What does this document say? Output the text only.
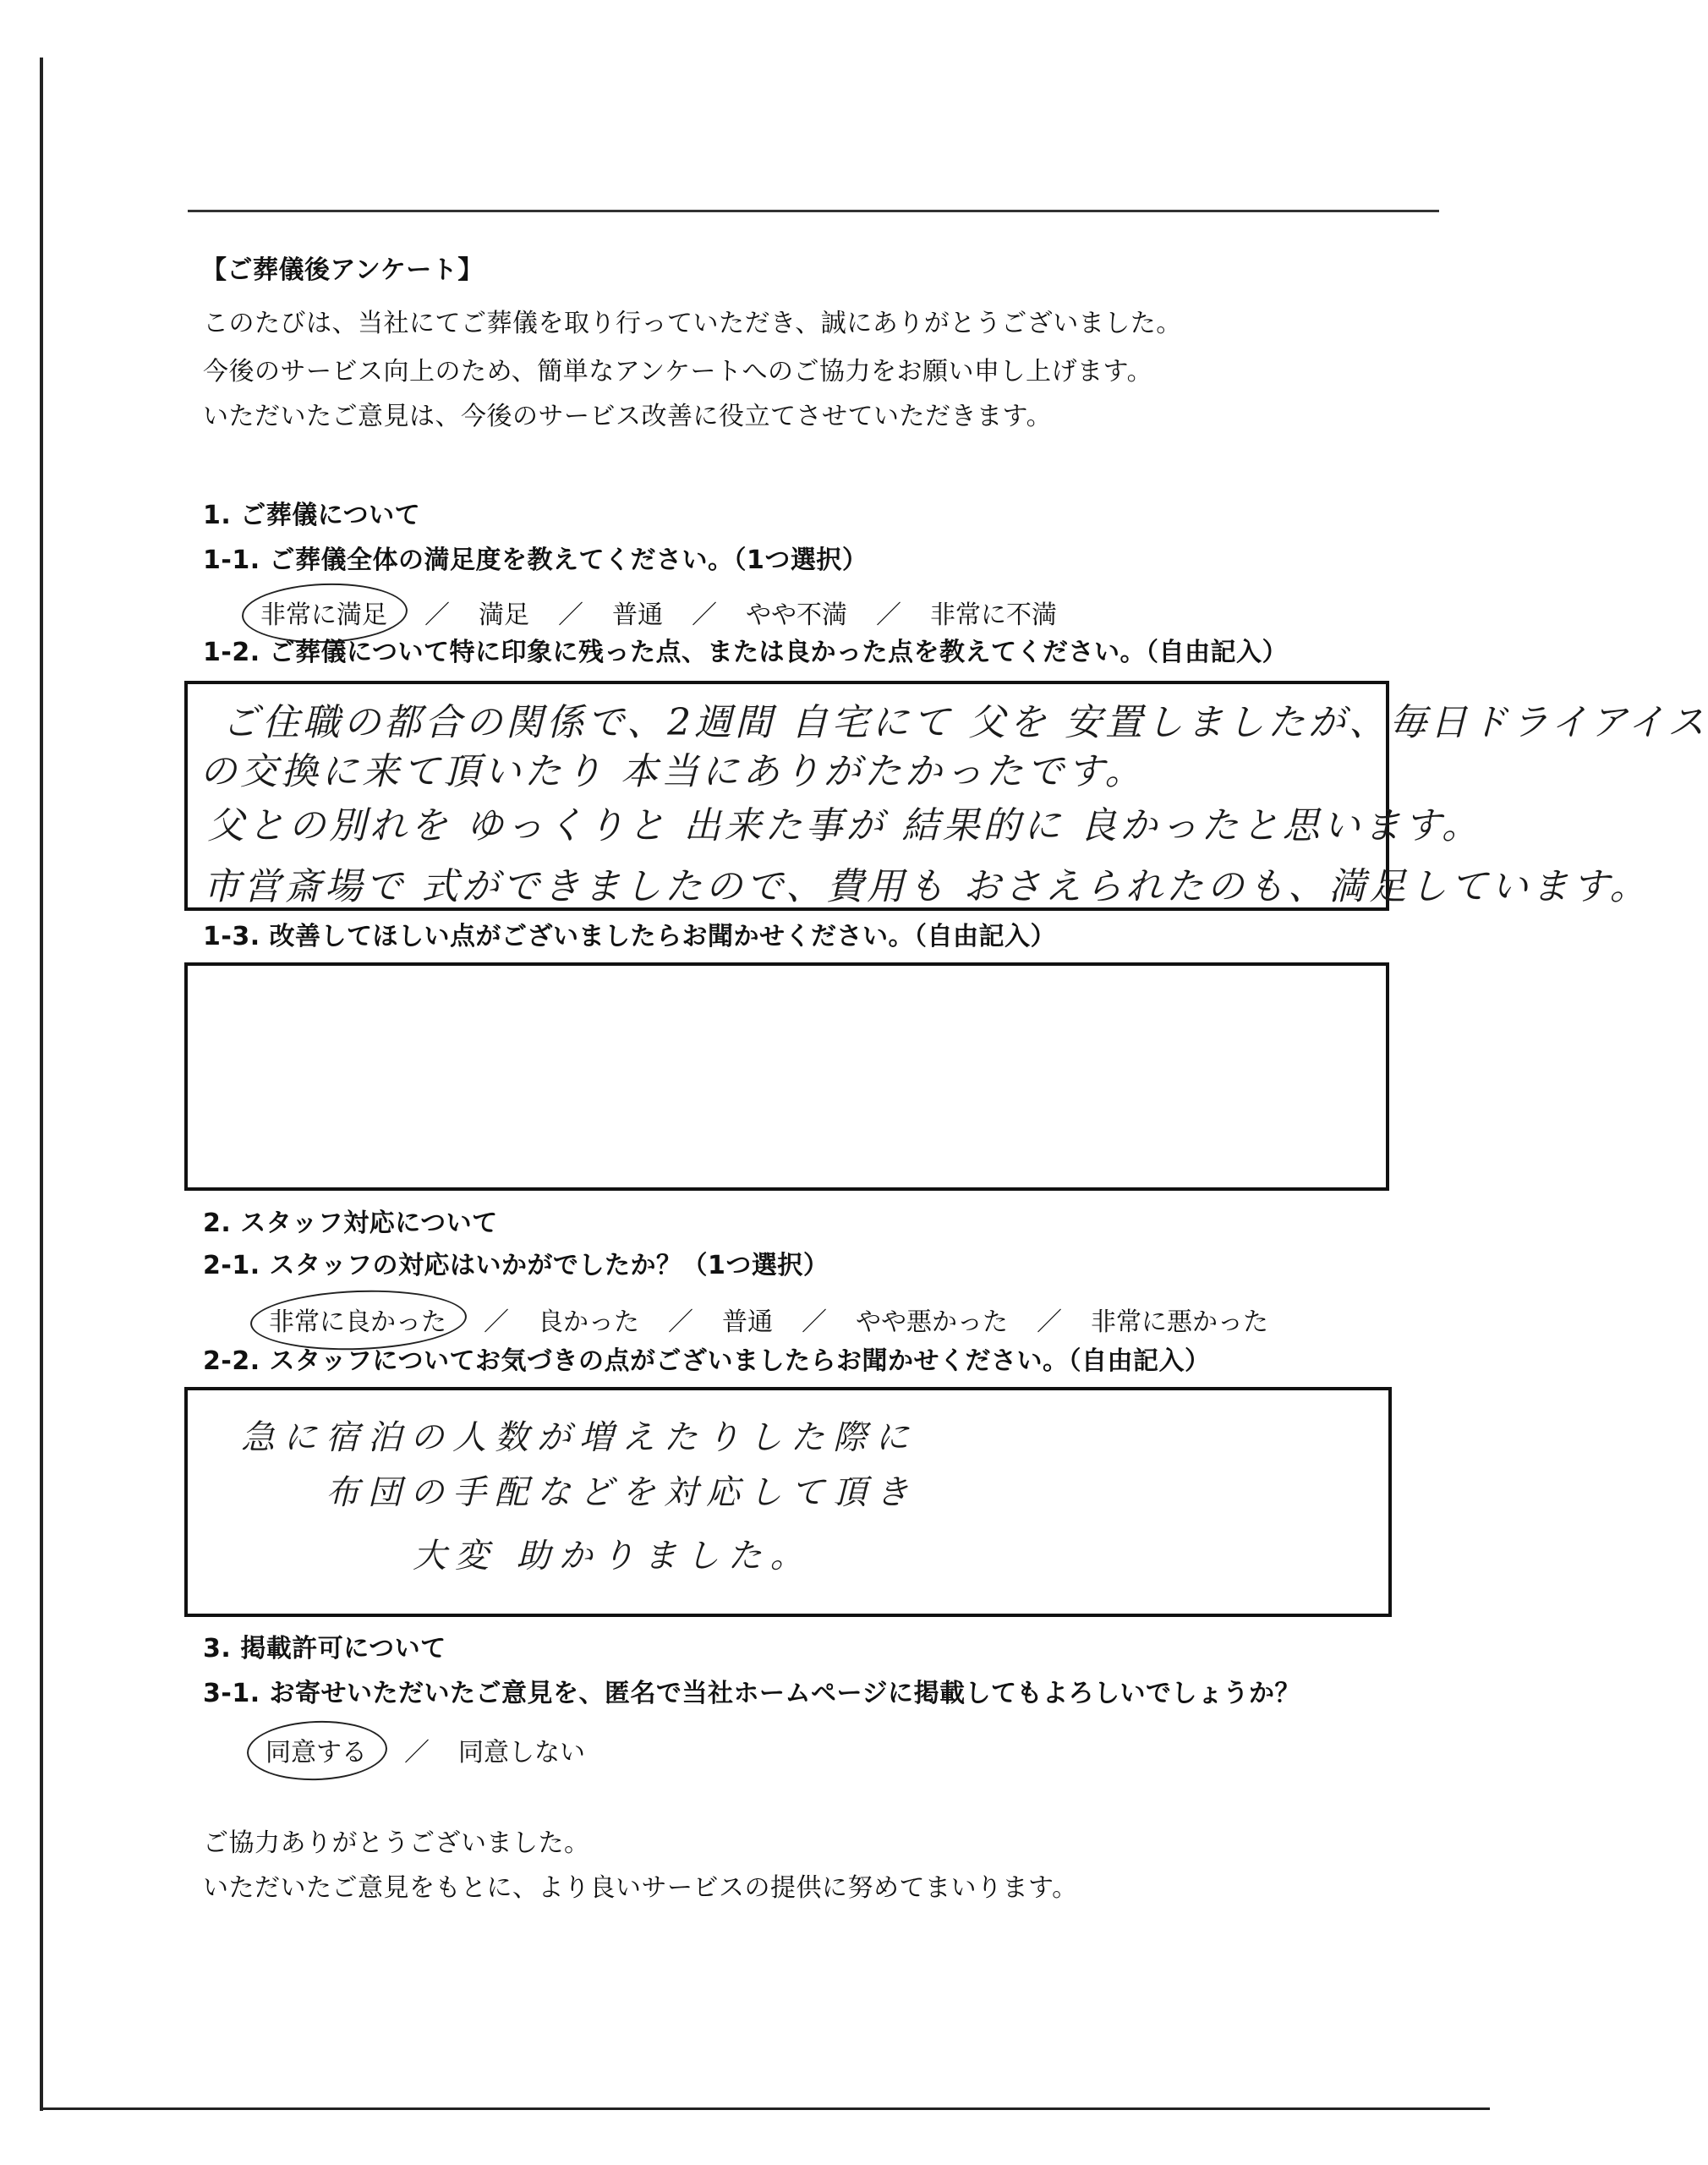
【ご葬儀後アンケート】
このたびは、当社にてご葬儀を取り行っていただき、誠にありがとうございました。
今後のサービス向上のため、簡単なアンケートへのご協力をお願い申し上げます。
いただいたご意見は、今後のサービス改善に役立てさせていただきます。
1. ご葬儀について
1-1. ご葬儀全体の満足度を教えてください。（1つ選択）
非常に満足 ／ 満足 ／ 普通 ／ やや不満 ／ 非常に不満
1-2. ご葬儀について特に印象に残った点、または良かった点を教えてください。（自由記入）
ご住職の都合の関係で、2週間 自宅にて 父を 安置しましたが、毎日ドライアイス
の交換に来て頂いたり 本当にありがたかったです。
父との別れを ゆっくりと 出来た事が 結果的に 良かったと思います。
市営斎場で 式ができましたので、費用も おさえられたのも、満足しています。
1-3. 改善してほしい点がございましたらお聞かせください。（自由記入）
2. スタッフ対応について
2-1. スタッフの対応はいかがでしたか？（1つ選択）
非常に良かった ／ 良かった ／ 普通 ／ やや悪かった ／ 非常に悪かった
2-2. スタッフについてお気づきの点がございましたらお聞かせください。（自由記入）
急に宿泊の人数が増えたりした際に
布団の手配などを対応して頂き
大変 助かりました。
3. 掲載許可について
3-1. お寄せいただいたご意見を、匿名で当社ホームページに掲載してもよろしいでしょうか？
同意する ／ 同意しない
ご協力ありがとうございました。
いただいたご意見をもとに、より良いサービスの提供に努めてまいります。
